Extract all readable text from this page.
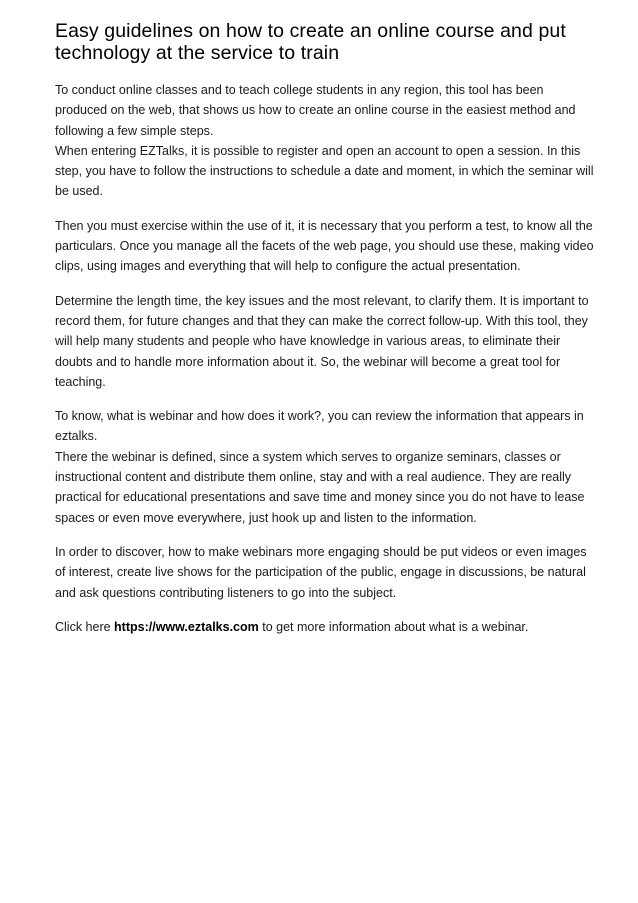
Easy guidelines on how to create an online course and put technology at the service to train
To conduct online classes and to teach college students in any region, this tool has been produced on the web, that shows us how to create an online course in the easiest method and following a few simple steps.
When entering EZTalks, it is possible to register and open an account to open a session. In this step, you have to follow the instructions to schedule a date and moment, in which the seminar will be used.
Then you must exercise within the use of it, it is necessary that you perform a test, to know all the particulars. Once you manage all the facets of the web page, you should use these, making video clips, using images and everything that will help to configure the actual presentation.
Determine the length time, the key issues and the most relevant, to clarify them. It is important to record them, for future changes and that they can make the correct follow-up. With this tool, they will help many students and people who have knowledge in various areas, to eliminate their doubts and to handle more information about it. So, the webinar will become a great tool for teaching.
To know, what is webinar and how does it work?, you can review the information that appears in eztalks.
There the webinar is defined, since a system which serves to organize seminars, classes or instructional content and distribute them online, stay and with a real audience. They are really practical for educational presentations and save time and money since you do not have to lease spaces or even move everywhere, just hook up and listen to the information.
In order to discover, how to make webinars more engaging should be put videos or even images of interest, create live shows for the participation of the public, engage in discussions, be natural and ask questions contributing listeners to go into the subject.
Click here https://www.eztalks.com to get more information about what is a webinar.
